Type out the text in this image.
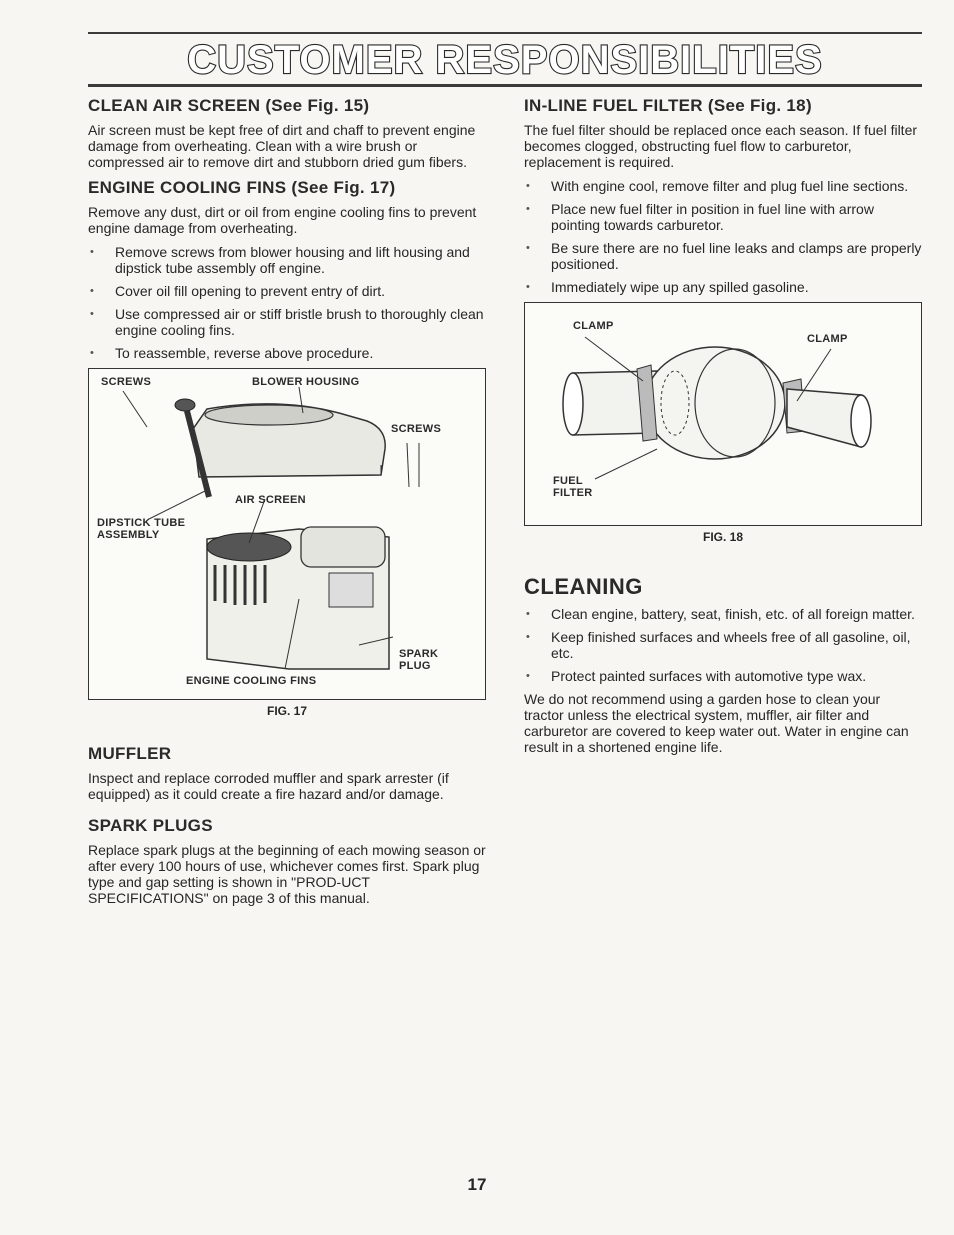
CUSTOMER RESPONSIBILITIES
CLEAN AIR SCREEN (See Fig. 15)

Air screen must be kept free of dirt and chaff to prevent engine damage from overheating. Clean with a wire brush or compressed air to remove dirt and stubborn dried gum fibers.

ENGINE COOLING FINS (See Fig. 17)

Remove any dust, dirt or oil from engine cooling fins to prevent engine damage from overheating.

• Remove screws from blower housing and lift housing and dipstick tube assembly off engine.
• Cover oil fill opening to prevent entry of dirt.
• Use compressed air or stiff bristle brush to thoroughly clean engine cooling fins.
• To reassemble, reverse above procedure.
SCREWS	BLOWER HOUSING
SCREWS
AIR SCREEN
DIPSTICK TUBE
ASSEMBLY
SPARK
PLUG
ENGINE COOLING FINS
FIG. 17
MUFFLER

Inspect and replace corroded muffler and spark arrester (if equipped) as it could create a fire hazard and/or damage.

SPARK PLUGS

Replace spark plugs at the beginning of each mowing season or after every 100 hours of use, whichever comes first. Spark plug type and gap setting is shown in "PROD-UCT SPECIFICATIONS" on page 3 of this manual.

IN-LINE FUEL FILTER (See Fig. 18)

The fuel filter should be replaced once each season. If fuel filter becomes clogged, obstructing fuel flow to carburetor, replacement is required.

• With engine cool, remove filter and plug fuel line sections.
• Place new fuel filter in position in fuel line with arrow pointing towards carburetor.
• Be sure there are no fuel line leaks and clamps are properly positioned.
• Immediately wipe up any spilled gasoline.
CLAMP
CLAMP
FUEL
FILTER
FIG. 18
CLEANING
• Clean engine, battery, seat, finish, etc. of all foreign matter.
• Keep finished surfaces and wheels free of all gasoline, oil, etc.
• Protect painted surfaces with automotive type wax.

We do not recommend using a garden hose to clean your tractor unless the electrical system, muffler, air filter and carburetor are covered to keep water out. Water in engine can result in a shortened engine life.

17
